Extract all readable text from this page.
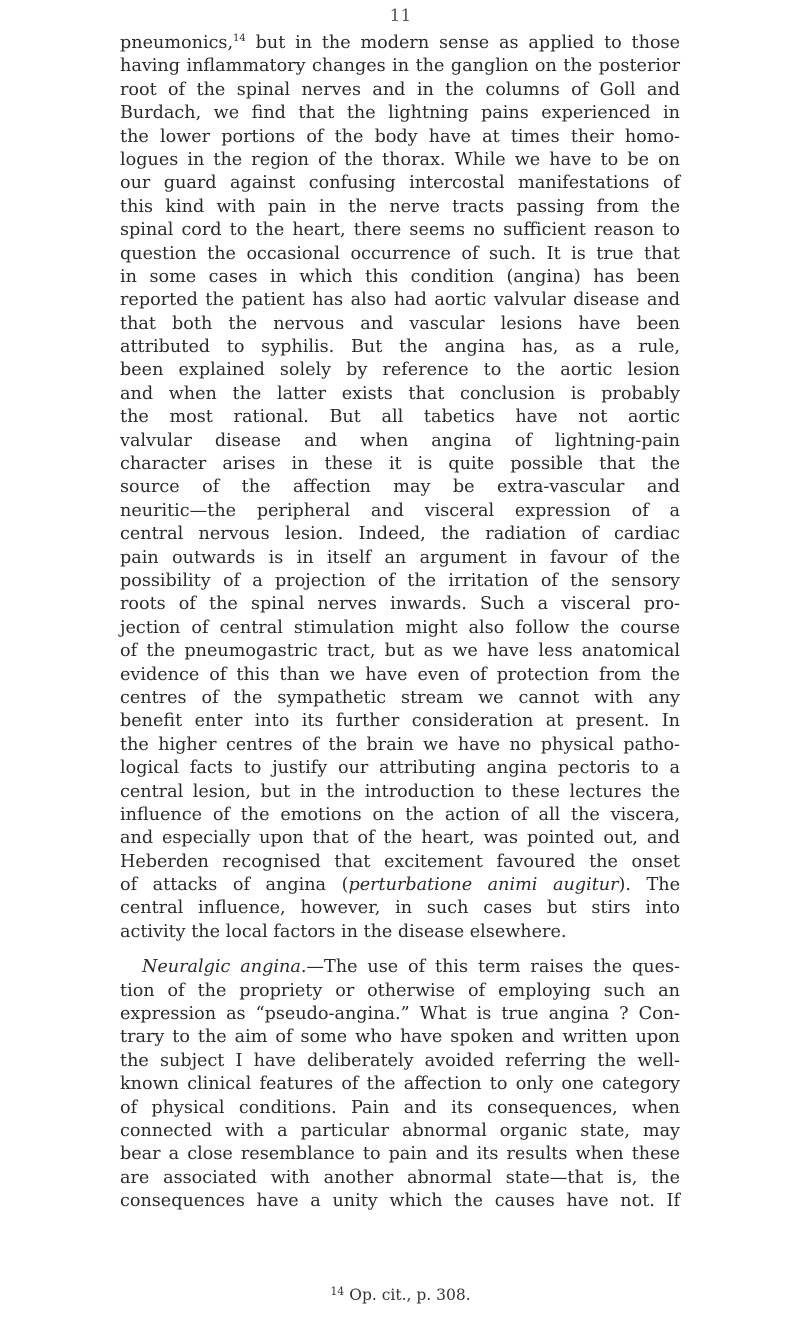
11
pneumonics,$^{14}$ but in the modern sense as applied to those
having inflammatory changes in the ganglion on the posterior
root of the spinal nerves and in the columns of Goll and
Burdach, we find that the lightning pains experienced in
the lower portions of the body have at times their homo-
logues in the region of the thorax. While we have to be on
our guard against confusing intercostal manifestations of
this kind with pain in the nerve tracts passing from the
spinal cord to the heart, there seems no sufficient reason to
question the occasional occurrence of such. It is true that
in some cases in which this condition (angina) has been
reported the patient has also had aortic valvular disease and
that both the nervous and vascular lesions have been
attributed to syphilis. But the angina has, as a rule,
been explained solely by reference to the aortic lesion
and when the latter exists that conclusion is probably
the most rational. But all tabetics have not aortic
valvular disease and when angina of lightning-pain
character arises in these it is quite possible that the
source of the affection may be extra-vascular and
neuritic—the peripheral and visceral expression of a
central nervous lesion. Indeed, the radiation of cardiac
pain outwards is in itself an argument in favour of the
possibility of a projection of the irritation of the sensory
roots of the spinal nerves inwards. Such a visceral pro-
jection of central stimulation might also follow the course
of the pneumogastric tract, but as we have less anatomical
evidence of this than we have even of protection from the
centres of the sympathetic stream we cannot with any
benefit enter into its further consideration at present. In
the higher centres of the brain we have no physical patho-
logical facts to justify our attributing angina pectoris to a
central lesion, but in the introduction to these lectures the
influence of the emotions on the action of all the viscera,
and especially upon that of the heart, was pointed out, and
Heberden recognised that excitement favoured the onset
of attacks of angina (perturbatione animi augitur). The
central influence, however, in such cases but stirs into
activity the local factors in the disease elsewhere.
Neuralgic angina.—The use of this term raises the ques-
tion of the propriety or otherwise of employing such an
expression as “pseudo-angina.” What is true angina ? Con-
trary to the aim of some who have spoken and written upon
the subject I have deliberately avoided referring the well-
known clinical features of the affection to only one category
of physical conditions. Pain and its consequences, when
connected with a particular abnormal organic state, may
bear a close resemblance to pain and its results when these
are associated with another abnormal state—that is, the
consequences have a unity which the causes have not. If
$^{14}$ Op. cit., p. 308.
